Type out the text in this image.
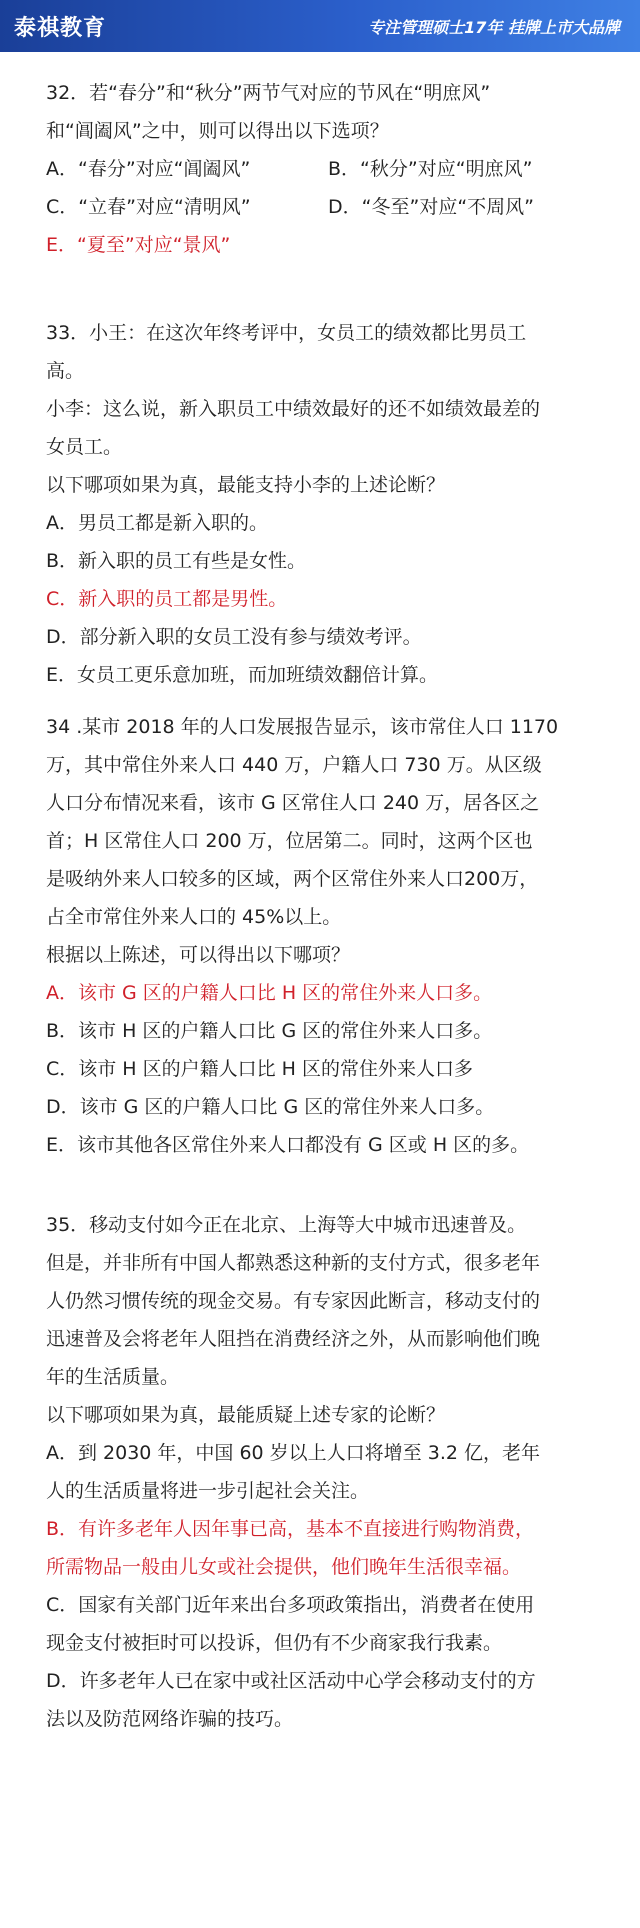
泰祺教育	专注管理硕士17年 挂牌上市大品牌
32．若“春分”和“秋分”两节气对应的节风在“明庶风”
和“阊阖风”之中，则可以得出以下选项？
A．“春分”对应“阊阖风”	B．“秋分”对应“明庶风”
C．“立春”对应“清明风”	D．“冬至”对应“不周风”
E．“夏至”对应“景风”
33．小王：在这次年终考评中，女员工的绩效都比男员工
高。
小李：这么说，新入职员工中绩效最好的还不如绩效最差的
女员工。
以下哪项如果为真，最能支持小李的上述论断？
A．男员工都是新入职的。
B．新入职的员工有些是女性。
C．新入职的员工都是男性。
D．部分新入职的女员工没有参与绩效考评。
E．女员工更乐意加班，而加班绩效翻倍计算。
34 .某市 2018 年的人口发展报告显示，该市常住人口 1170
万，其中常住外来人口 440 万，户籍人口 730 万。从区级
人口分布情况来看，该市 G 区常住人口 240 万，居各区之
首；H 区常住人口 200 万，位居第二。同时，这两个区也
是吸纳外来人口较多的区域，两个区常住外来人口200万，
占全市常住外来人口的 45%以上。
根据以上陈述，可以得出以下哪项？
A．该市 G 区的户籍人口比 H 区的常住外来人口多。
B．该市 H 区的户籍人口比 G 区的常住外来人口多。
C．该市 H 区的户籍人口比 H 区的常住外来人口多
D．该市 G 区的户籍人口比 G 区的常住外来人口多。
E．该市其他各区常住外来人口都没有 G 区或 H 区的多。
35．移动支付如今正在北京、上海等大中城市迅速普及。
但是，并非所有中国人都熟悉这种新的支付方式，很多老年
人仍然习惯传统的现金交易。有专家因此断言，移动支付的
迅速普及会将老年人阻挡在消费经济之外，从而影响他们晚
年的生活质量。
以下哪项如果为真，最能质疑上述专家的论断？
A．到 2030 年，中国 60 岁以上人口将增至 3.2 亿，老年
人的生活质量将进一步引起社会关注。
B．有许多老年人因年事已高，基本不直接进行购物消费，
所需物品一般由儿女或社会提供，他们晚年生活很幸福。
C．国家有关部门近年来出台多项政策指出，消费者在使用
现金支付被拒时可以投诉，但仍有不少商家我行我素。
D．许多老年人已在家中或社区活动中心学会移动支付的方
法以及防范网络诈骗的技巧。
